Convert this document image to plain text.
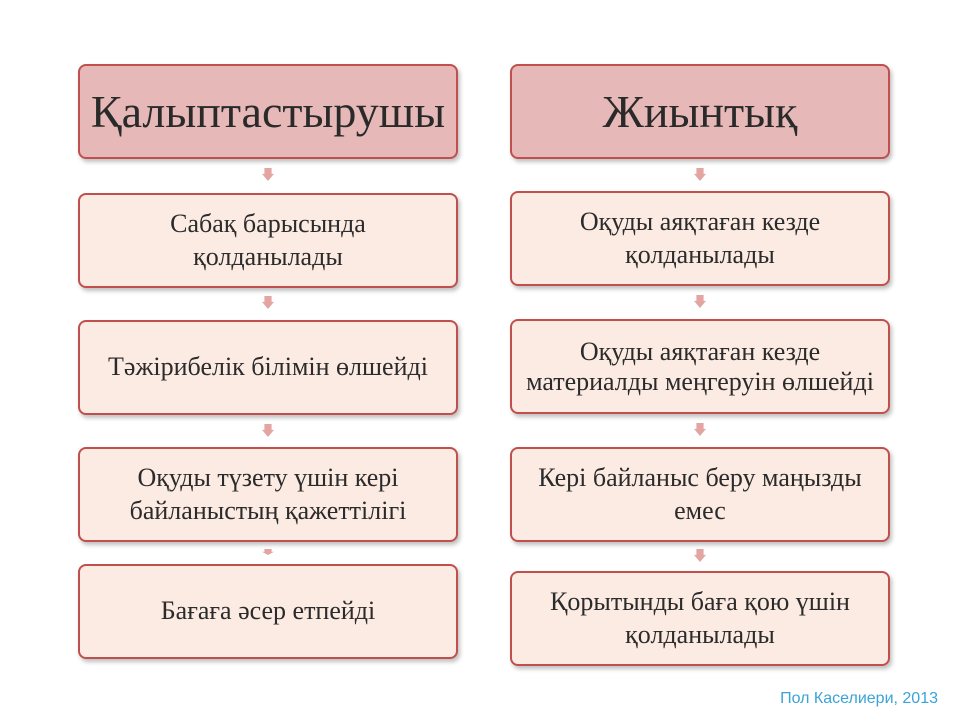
Қалыптастырушы
Сабақ барысында қолданылады
Тәжірибелік білімін өлшейді
Оқуды түзету үшін кері байланыстың қажеттілігі
Бағаға әсер етпейді
Жиынтық
Оқуды аяқтаған кезде қолданылады
Оқуды аяқтаған кезде материалды меңгеруін өлшейді
Кері байланыс беру маңызды емес
Қорытынды баға қою үшін қолданылады
Пол Каселиери, 2013
